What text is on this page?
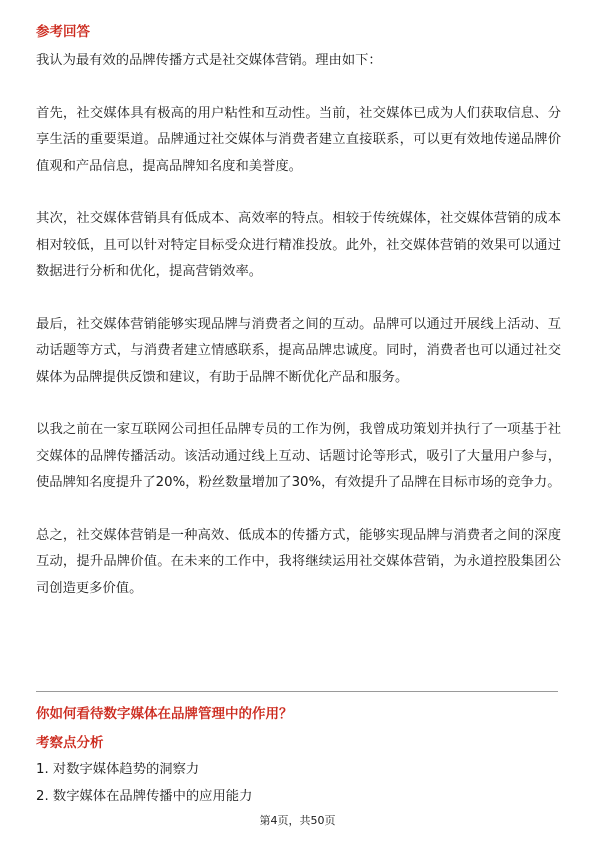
参考回答

我认为最有效的品牌传播方式是社交媒体营销。理由如下：

首先，社交媒体具有极高的用户粘性和互动性。当前，社交媒体已成为人们获取信息、分享生活的重要渠道。品牌通过社交媒体与消费者建立直接联系，可以更有效地传递品牌价值观和产品信息，提高品牌知名度和美誉度。

其次，社交媒体营销具有低成本、高效率的特点。相较于传统媒体，社交媒体营销的成本相对较低，且可以针对特定目标受众进行精准投放。此外，社交媒体营销的效果可以通过数据进行分析和优化，提高营销效率。

最后，社交媒体营销能够实现品牌与消费者之间的互动。品牌可以通过开展线上活动、互动话题等方式，与消费者建立情感联系，提高品牌忠诚度。同时，消费者也可以通过社交媒体为品牌提供反馈和建议，有助于品牌不断优化产品和服务。

以我之前在一家互联网公司担任品牌专员的工作为例，我曾成功策划并执行了一项基于社交媒体的品牌传播活动。该活动通过线上互动、话题讨论等形式，吸引了大量用户参与，使品牌知名度提升了20%，粉丝数量增加了30%，有效提升了品牌在目标市场的竞争力。

总之，社交媒体营销是一种高效、低成本的传播方式，能够实现品牌与消费者之间的深度互动，提升品牌价值。在未来的工作中，我将继续运用社交媒体营销，为永道控股集团公司创造更多价值。

你如何看待数字媒体在品牌管理中的作用？

考察点分析

1. 对数字媒体趋势的洞察力
2. 数字媒体在品牌传播中的应用能力
第4页，共50页
